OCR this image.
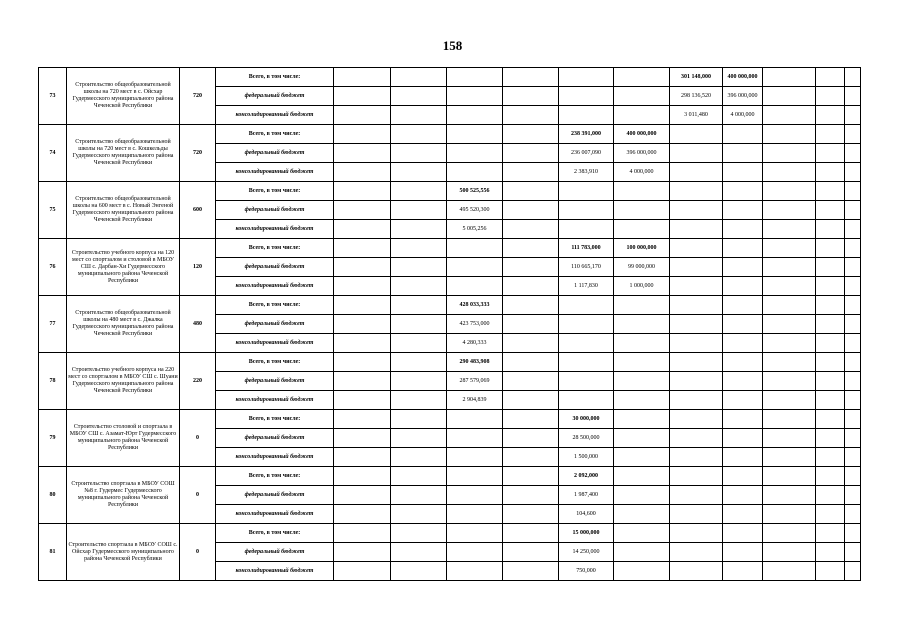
158
73	Строительство общеобразовательной школы на 720 мест в с. Ойсхар Гудермесского муниципального района Чеченской Республики	720	Всего, в том числе:							301 148,000	400 000,000			
			федеральный бюджет							298 136,520	396 000,000			
			консолидированный бюджет							3 011,480	4 000,000			
74	Строительство общеобразовательной школы на 720 мест в с. Кошкельды Гудермесского муниципального района Чеченской Республики	720	Всего, в том числе:					238 391,000	400 000,000					
			федеральный бюджет					236 007,090	396 000,000					
			консолидированный бюджет					2 383,910	4 000,000					
75	Строительство общеобразовательной школы на 600 мест в с. Новый Энгеной Гудермесского муниципального района Чеченской Республики	600	Всего, в том числе:			500 525,556								
			федеральный бюджет			495 520,300								
			консолидированный бюджет			5 005,256								
76	Строительство учебного корпуса на 120 мест со спортзалом и столовой в МБОУ СШ с. Дарбан-Хи Гудермесского муниципального района Чеченской Республики	120	Всего, в том числе:					111 783,000	100 000,000					
			федеральный бюджет					110 665,170	99 000,000					
			консолидированный бюджет					1 117,830	1 000,000					
77	Строительство общеобразовательной школы на 480 мест в с. Джалка Гудермесского муниципального района Чеченской Республики	480	Всего, в том числе:			428 033,333								
			федеральный бюджет			423 753,000								
			консолидированный бюджет			4 280,333								
78	Строительство учебного корпуса на 220 мест со спортзалом в МБОУ СШ с. Шуани Гудермесского муниципального района Чеченской Республики	220	Всего, в том числе:			290 483,908								
			федеральный бюджет			287 579,069								
			консолидированный бюджет			2 904,839								
79	Строительство столовой и спортзала в МБОУ СШ с. Азамат-Юрт Гудермесского муниципального района Чеченской Республики	0	Всего, в том числе:					30 000,000						
			федеральный бюджет					28 500,000						
			консолидированный бюджет					1 500,000						
80	Строительство спортзала в МБОУ СОШ №8 г. Гудермес Гудермесского муниципального района Чеченской Республики	0	Всего, в том числе:					2 092,000						
			федеральный бюджет					1 987,400						
			консолидированный бюджет					104,600						
81	Строительство спортзала в МБОУ СОШ с. Ойсхар Гудермесского муниципального района Чеченской Республики	0	Всего, в том числе:					15 000,000						
			федеральный бюджет					14 250,000						
			консолидированный бюджет					750,000						
